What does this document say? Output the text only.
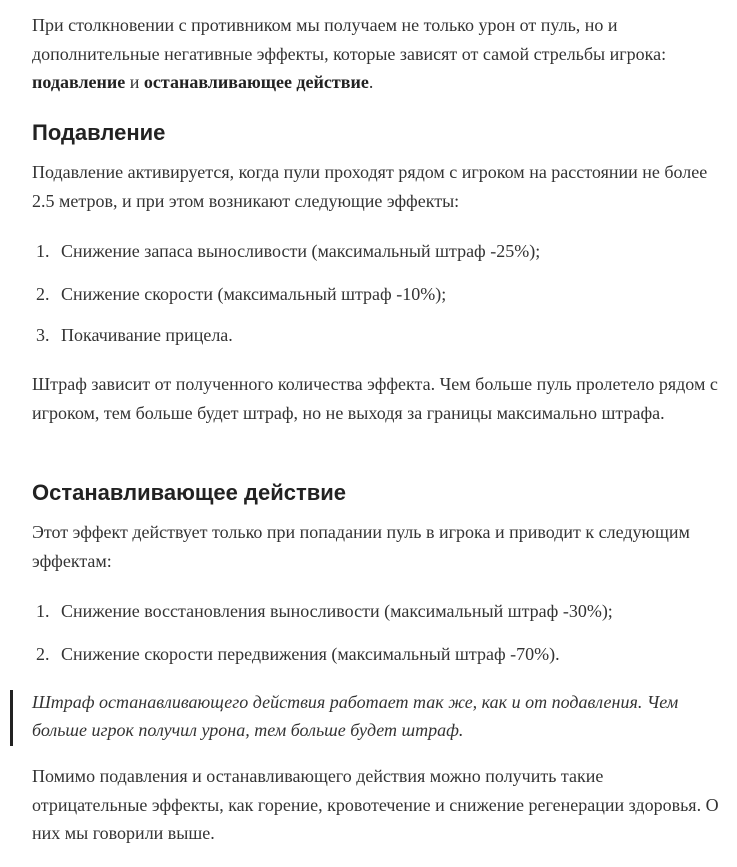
При столкновении с противником мы получаем не только урон от пуль, но и дополнительные негативные эффекты, которые зависят от самой стрельбы игрока: подавление и останавливающее действие.

Подавление

Подавление активируется, когда пули проходят рядом с игроком на расстоянии не более 2.5 метров, и при этом возникают следующие эффекты:

1. Снижение запаса выносливости (максимальный штраф -25%);
2. Снижение скорости (максимальный штраф -10%);
3. Покачивание прицела.

Штраф зависит от полученного количества эффекта. Чем больше пуль пролетело рядом с игроком, тем больше будет штраф, но не выходя за границы максимально штрафа.

Останавливающее действие

Этот эффект действует только при попадании пуль в игрока и приводит к следующим эффектам:

1. Снижение восстановления выносливости (максимальный штраф -30%);
2. Снижение скорости передвижения (максимальный штраф -70%).

Штраф останавливающего действия работает так же, как и от подавления. Чем больше игрок получил урона, тем больше будет штраф.

Помимо подавления и останавливающего действия можно получить такие отрицательные эффекты, как горение, кровотечение и снижение регенерации здоровья. О них мы говорили выше.
